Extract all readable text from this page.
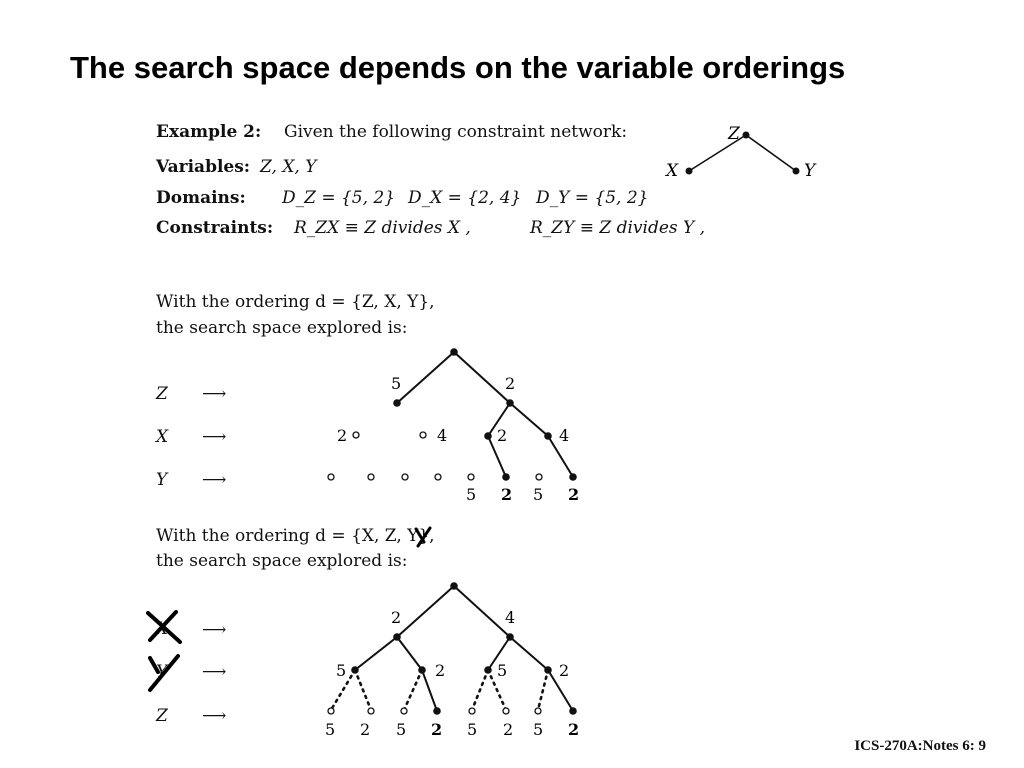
The search space depends on the variable orderings
Example 2: Given the following constraint network:
Variables: Z, X, Y
Domains: D_Z = {5, 2} D_X = {2, 4} D_Y = {5, 2}
Constraints: R_ZX ≡ Z divides X ,	R_ZY ≡ Z divides Y ,
With the ordering d = {Z, X, Y},
the search space explored is:
Z ⟶
X ⟶
Y ⟶
With the ordering d = {X, Z, Y},
the search space explored is:
X ⟶
Y ⟶
Z ⟶
Z
X	Y
5	2
2	4	2	4
5 2 5 2
2	4
5	2	5	2
5 2 5 2 5 2 5 2
ICS-270A:Notes 6: 9
